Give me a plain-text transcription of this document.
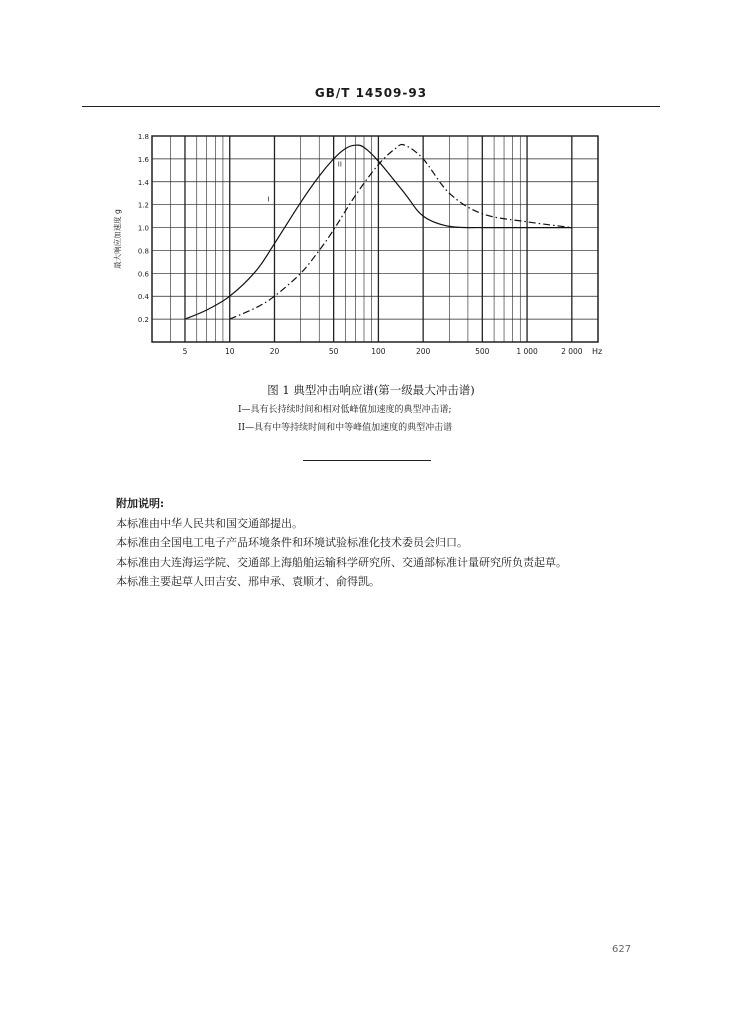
GB/T 14509-93
0.2
0.4
0.6
0.8
1.0
1.2
1.4
1.6
1.8
5	10	20	50	100	200	500	1 000	2 000 Hz
最大响应加速度 g
I
II
图 1 典型冲击响应谱(第一级最大冲击谱)
I—具有长持续时间和相对低峰值加速度的典型冲击谱;
II—具有中等持续时间和中等峰值加速度的典型冲击谱
附加说明:
本标准由中华人民共和国交通部提出。
本标准由全国电工电子产品环境条件和环境试验标准化技术委员会归口。
本标准由大连海运学院、交通部上海船舶运输科学研究所、交通部标准计量研究所负责起草。
本标准主要起草人田吉安、邢申承、袁顺才、俞得凯。
627
